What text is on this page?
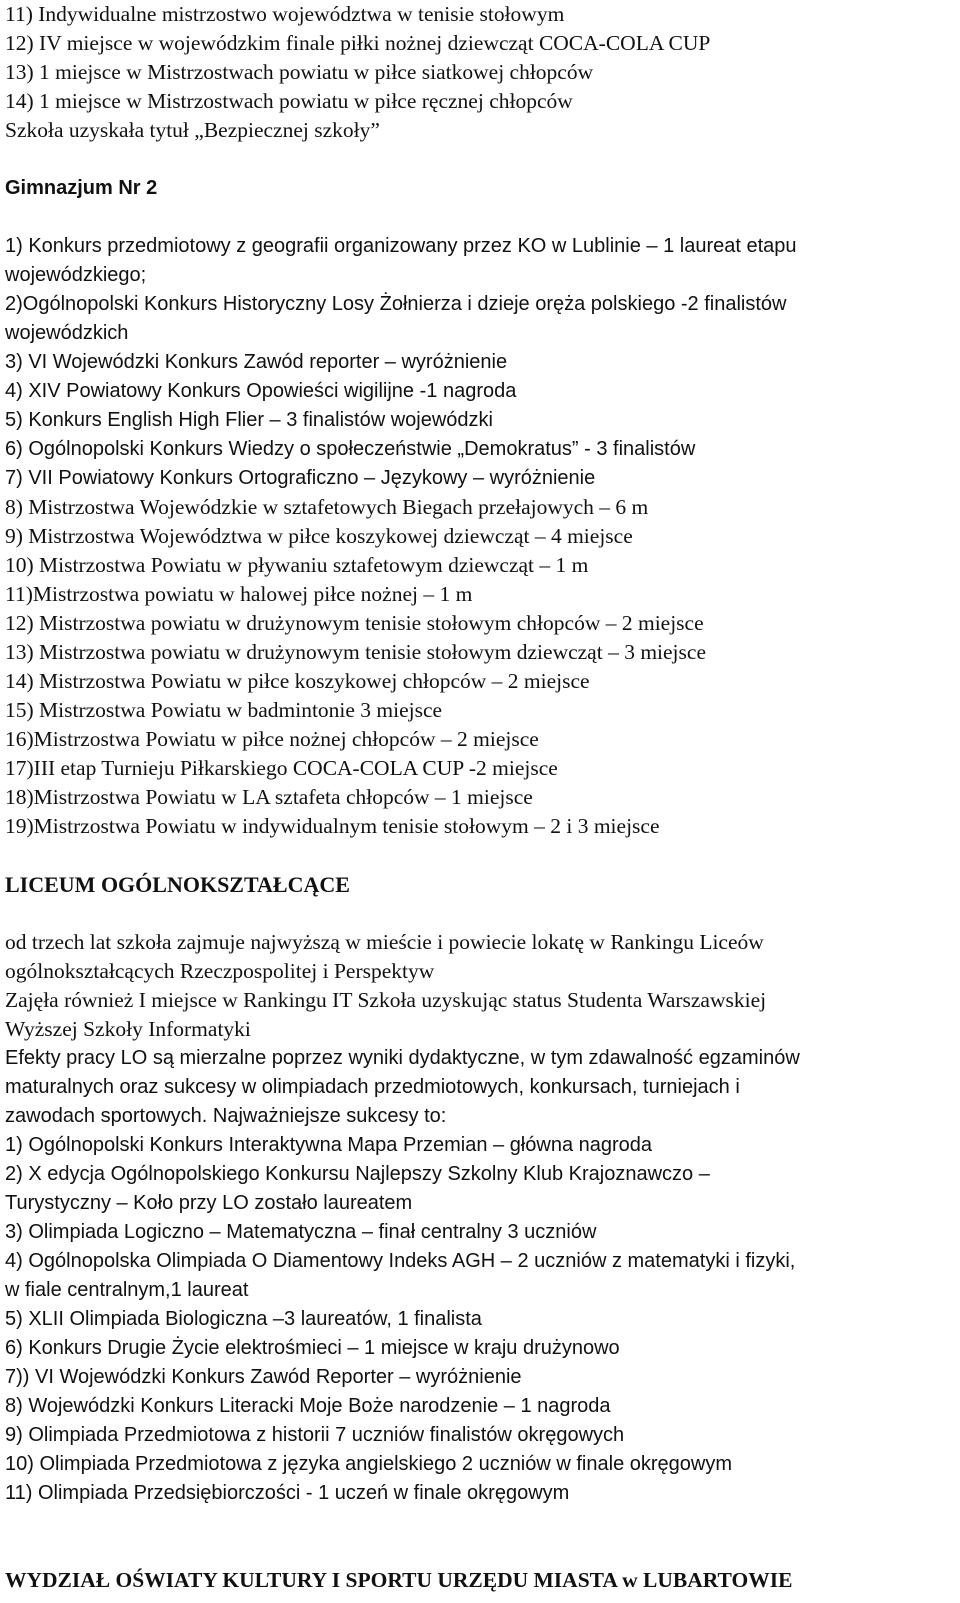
11) Indywidualne mistrzostwo województwa w tenisie stołowym
12) IV miejsce w wojewódzkim finale piłki nożnej dziewcząt COCA-COLA CUP
13) 1 miejsce w Mistrzostwach powiatu w piłce siatkowej chłopców
14) 1 miejsce w Mistrzostwach powiatu w piłce ręcznej chłopców
Szkoła uzyskała tytuł „Bezpiecznej szkoły”
Gimnazjum Nr 2
1) Konkurs przedmiotowy z geografii organizowany przez KO w Lublinie – 1 laureat etapu
wojewódzkiego;
2)Ogólnopolski Konkurs Historyczny Losy Żołnierza i dzieje oręża polskiego -2 finalistów
wojewódzkich
3) VI Wojewódzki Konkurs Zawód reporter – wyróżnienie
4) XIV Powiatowy Konkurs Opowieści wigilijne -1 nagroda
5) Konkurs English High Flier – 3 finalistów wojewódzki
6) Ogólnopolski Konkurs Wiedzy o społeczeństwie „Demokratus” - 3 finalistów
7) VII Powiatowy Konkurs Ortograficzno – Językowy – wyróżnienie
8) Mistrzostwa Wojewódzkie w sztafetowych Biegach przełajowych – 6 m
9) Mistrzostwa Województwa w piłce koszykowej dziewcząt – 4 miejsce
10) Mistrzostwa Powiatu w pływaniu sztafetowym dziewcząt – 1 m
11)Mistrzostwa powiatu w halowej piłce nożnej – 1 m
12) Mistrzostwa powiatu w drużynowym tenisie stołowym chłopców – 2 miejsce
13) Mistrzostwa powiatu w drużynowym tenisie stołowym dziewcząt – 3 miejsce
14) Mistrzostwa Powiatu w piłce koszykowej chłopców – 2 miejsce
15) Mistrzostwa Powiatu w badmintonie 3 miejsce
16)Mistrzostwa Powiatu w piłce nożnej chłopców – 2 miejsce
17)III etap Turnieju Piłkarskiego COCA-COLA CUP -2 miejsce
18)Mistrzostwa Powiatu w LA sztafeta chłopców – 1 miejsce
19)Mistrzostwa Powiatu w indywidualnym tenisie stołowym – 2 i 3 miejsce
LICEUM OGÓLNOKSZTAŁCĄCE
od trzech lat szkoła zajmuje najwyższą w mieście i powiecie lokatę w Rankingu Liceów
ogólnokształcących Rzeczpospolitej i Perspektyw
Zajęła również I miejsce w Rankingu IT Szkoła uzyskując status Studenta Warszawskiej
Wyższej Szkoły Informatyki
Efekty pracy LO są mierzalne poprzez wyniki dydaktyczne, w tym zdawalność egzaminów
maturalnych oraz sukcesy w olimpiadach przedmiotowych, konkursach, turniejach i
zawodach sportowych. Najważniejsze sukcesy to:
1) Ogólnopolski Konkurs Interaktywna Mapa Przemian – główna nagroda
2) X edycja Ogólnopolskiego Konkursu Najlepszy Szkolny Klub Krajoznawczo –
Turystyczny – Koło przy LO zostało laureatem
3) Olimpiada Logiczno – Matematyczna – finał centralny 3 uczniów
4) Ogólnopolska Olimpiada O Diamentowy Indeks AGH – 2 uczniów z matematyki i fizyki,
w fiale centralnym,1 laureat
5) XLII Olimpiada Biologiczna –3 laureatów, 1 finalista
6) Konkurs Drugie Życie elektrośmieci – 1 miejsce w kraju drużynowo
7)) VI Wojewódzki Konkurs Zawód Reporter – wyróżnienie
8) Wojewódzki Konkurs Literacki Moje Boże narodzenie – 1 nagroda
9) Olimpiada Przedmiotowa z historii 7 uczniów finalistów okręgowych
10) Olimpiada Przedmiotowa z języka angielskiego 2 uczniów w finale okręgowym
11) Olimpiada Przedsiębiorczości - 1 uczeń w finale okręgowym
WYDZIAŁ OŚWIATY KULTURY I SPORTU URZĘDU MIASTA w LUBARTOWIE
